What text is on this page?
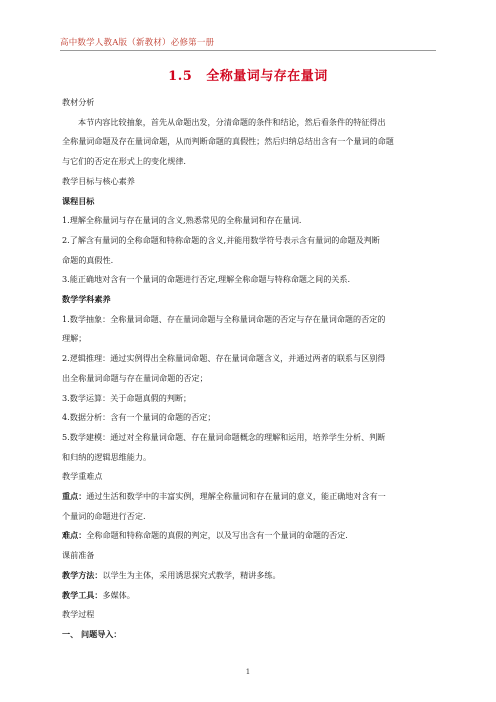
高中数学人教A版（新教材）必修第一册
1.5 全称量词与存在量词

教材分析

本节内容比较抽象，首先从命题出发，分清命题的条件和结论，然后看条件的特征得出

全称量词命题及存在量词命题，从而判断命题的真假性；然后归纳总结出含有一个量词的命题

与它们的否定在形式上的变化规律.

教学目标与核心素养

课程目标

1.理解全称量词与存在量词的含义,熟悉常见的全称量词和存在量词.

2.了解含有量词的全称命题和特称命题的含义,并能用数学符号表示含有量词的命题及判断

命题的真假性.

3.能正确地对含有一个量词的命题进行否定,理解全称命题与特称命题之间的关系.

数学学科素养

1.数学抽象：全称量词命题、存在量词命题与全称量词命题的否定与存在量词命题的否定的

理解；

2.逻辑推理：通过实例得出全称量词命题、存在量词命题含义，并通过两者的联系与区别得

出全称量词命题与存在量词命题的否定；

3.数学运算：关于命题真假的判断；

4.数据分析：含有一个量词的命题的否定；

5.数学建模：通过对全称量词命题、存在量词命题概念的理解和运用，培养学生分析、判断

和归纳的逻辑思维能力。

教学重难点

重点：通过生活和数学中的丰富实例，理解全称量词和存在量词的意义，能正确地对含有一

个量词的命题进行否定.

难点：全称命题和特称命题的真假的判定，以及写出含有一个量词的命题的否定.

课前准备

教学方法：以学生为主体，采用诱思探究式教学，精讲多练。

教学工具：多媒体。

教学过程

一、 问题导入：

1
